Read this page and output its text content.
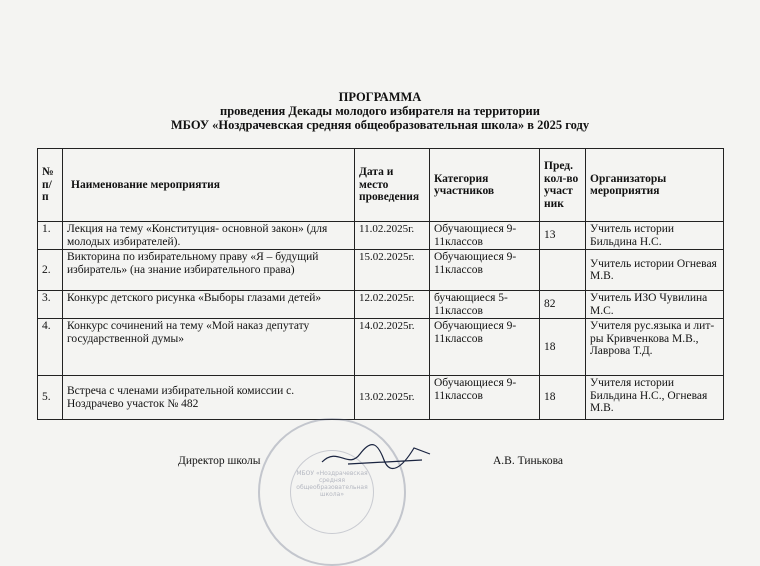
ПРОГРАММА
проведения Декады молодого избирателя на территории
МБОУ «Ноздрачевская средняя общеобразовательная школа» в 2025 году
№ п/п	Наименование мероприятия	Дата и место проведения	Категория участников	Пред. кол-во участ ник	Организаторы мероприятия
1.	Лекция на тему «Конституция- основной закон» (для молодых избирателей).	11.02.2025г.	Обучающиеся 9-11классов	13	Учитель истории Бильдина Н.С.
2.	Викторина по избирательному праву «Я – будущий избиратель» (на знание избирательного права)	15.02.2025г.	Обучающиеся 9-11классов		Учитель истории Огневая М.В.
3.	Конкурс детского рисунка «Выборы глазами детей»	12.02.2025г.	бучающиеся 5-11классов	82	Учитель ИЗО Чувилина М.С.
4.	Конкурс сочинений на тему «Мой наказ депутату государственной думы»	14.02.2025г.	Обучающиеся 9-11классов	18	Учителя рус.языка и лит-ры Кривченкова М.В., Лаврова Т.Д.
5.	Встреча с членами избирательной комиссии с. Ноздрачево участок № 482	13.02.2025г.	Обучающиеся 9-11классов	18	Учителя истории Бильдина Н.С., Огневая М.В.
МБОУ «Ноздрачевская средняя общеобразовательная школа»
Директор школы	А.В. Тинькова
